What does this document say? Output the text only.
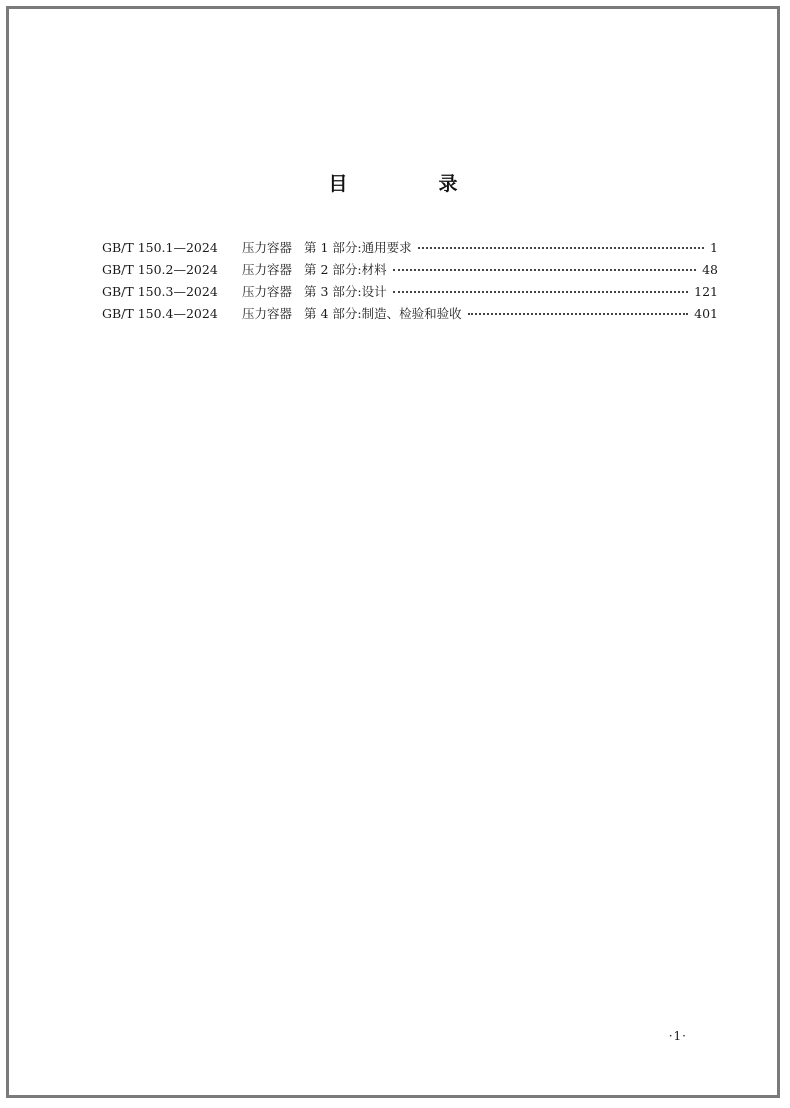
目　录
GB/T 150.1—2024	压力容器 第 1 部分:通用要求	1
GB/T 150.2—2024	压力容器 第 2 部分:材料	48
GB/T 150.3—2024	压力容器 第 3 部分:设计	121
GB/T 150.4—2024	压力容器 第 4 部分:制造、检验和验收	401
·1·
